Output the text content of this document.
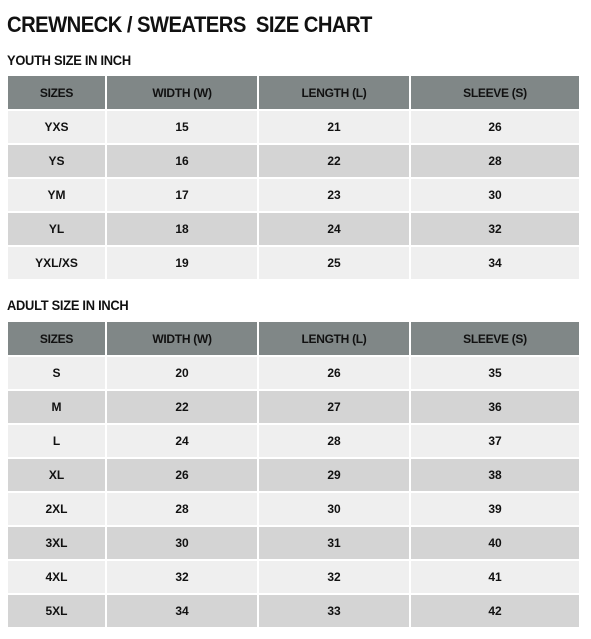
CREWNECK / SWEATERS  SIZE CHART
YOUTH SIZE IN INCH
SIZES	WIDTH (W)	LENGTH (L)	SLEEVE (S)
YXS	15	21	26
YS	16	22	28
YM	17	23	30
YL	18	24	32
YXL/XS	19	25	34
ADULT SIZE IN INCH
SIZES	WIDTH (W)	LENGTH (L)	SLEEVE (S)
S	20	26	35
M	22	27	36
L	24	28	37
XL	26	29	38
2XL	28	30	39
3XL	30	31	40
4XL	32	32	41
5XL	34	33	42
